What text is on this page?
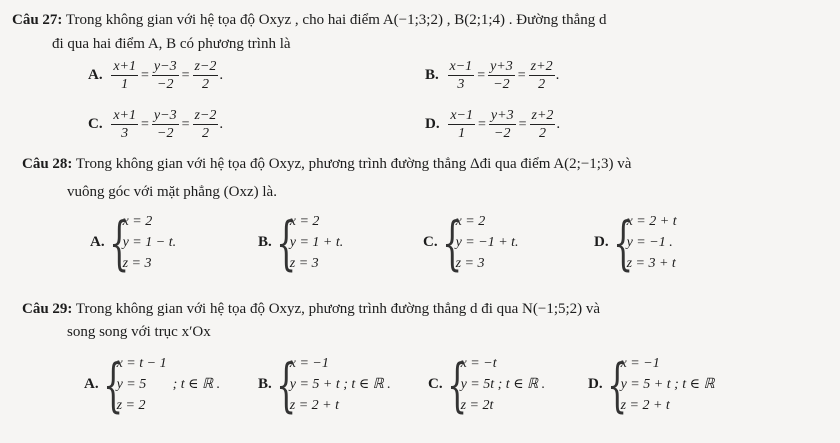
Câu 27: Trong không gian với hệ tọa độ Oxyz , cho hai điểm A(−1;3;2) , B(2;1;4) . Đường thẳng d
đi qua hai điểm A, B có phương trình là
A. $\frac{x+1}{1} = \frac{y-3}{-2} = \frac{z-2}{2}$ .	B. $\frac{x-1}{3} = \frac{y+3}{-2} = \frac{z+2}{2}$ .
C. $\frac{x+1}{3} = \frac{y-3}{-2} = \frac{z-2}{2}$ .	D. $\frac{x-1}{1} = \frac{y+3}{-2} = \frac{z+2}{2}$ .
Câu 28: Trong không gian với hệ tọa độ Oxyz, phương trình đường thẳng Δđi qua điểm A(2;−1;3) và
vuông góc với mặt phẳng (Oxz) là.
A. {
x = 2
y = 1 − t.
z = 3
B. {
x = 2
y = 1 + t.
z = 3
C. {
x = 2
y = −1 + t.
z = 3
D. {
x = 2 + t
y = −1 .
z = 3 + t
Câu 29: Trong không gian với hệ tọa độ Oxyz, phương trình đường thẳng d đi qua N(−1;5;2) và
song song với trục x′Ox
A. {
x = t − 1
y = 5
z = 2
; t ∈ ℝ .	B. {
x = −1
y = 5 + t ; t ∈ ℝ .
z = 2 + t
C. {
x = −t
y = 5t ; t ∈ ℝ .
z = 2t
D. {
x = −1
y = 5 + t ; t ∈ ℝ
z = 2 + t
